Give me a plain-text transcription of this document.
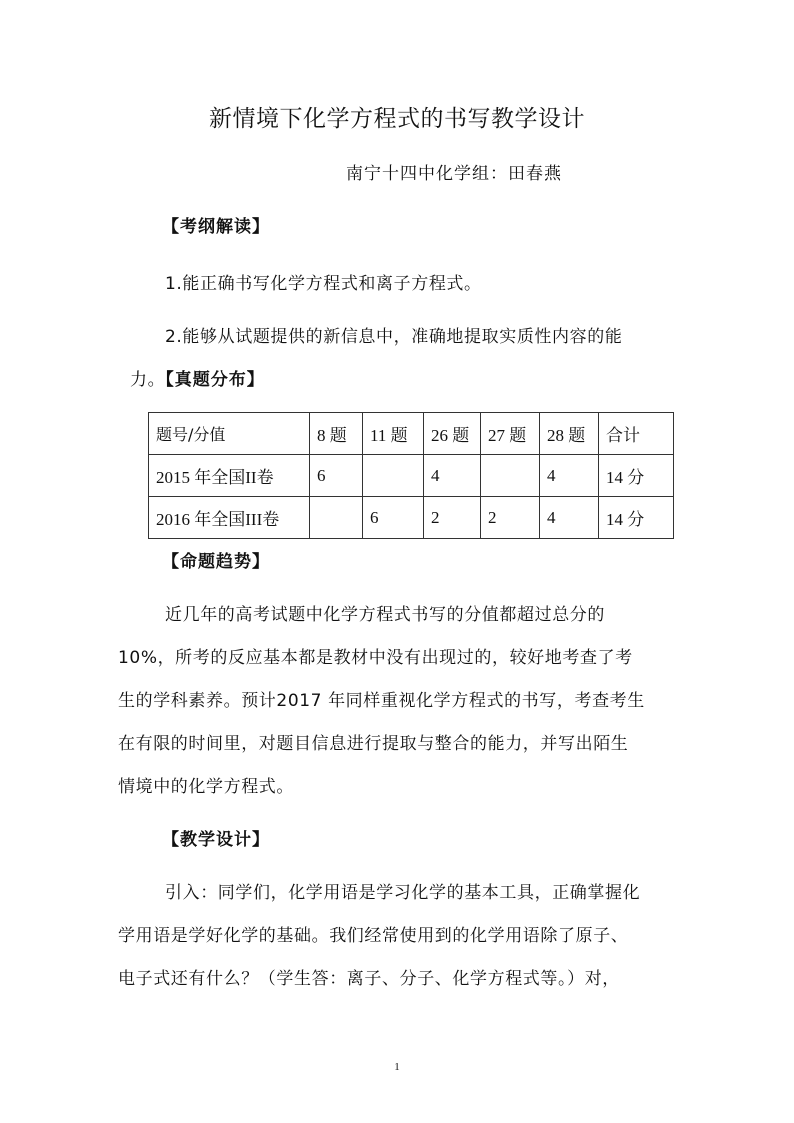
新情境下化学方程式的书写教学设计
南宁十四中化学组：田春燕
【考纲解读】
1.能正确书写化学方程式和离子方程式。
2.能够从试题提供的新信息中，准确地提取实质性内容的能
力。【真题分布】
题号/分值	8 题	11 题	26 题	27 题	28 题	合计
2015 年全国II卷	6		4		4	14 分
2016 年全国III卷		6	2	2	4	14 分
【命题趋势】
近几年的高考试题中化学方程式书写的分值都超过总分的
10%，所考的反应基本都是教材中没有出现过的，较好地考查了考
生的学科素养。预计2017 年同样重视化学方程式的书写，考查考生
在有限的时间里，对题目信息进行提取与整合的能力，并写出陌生
情境中的化学方程式。
【教学设计】
引入：同学们，化学用语是学习化学的基本工具，正确掌握化
学用语是学好化学的基础。我们经常使用到的化学用语除了原子、
电子式还有什么？（学生答：离子、分子、化学方程式等。）对，
1
